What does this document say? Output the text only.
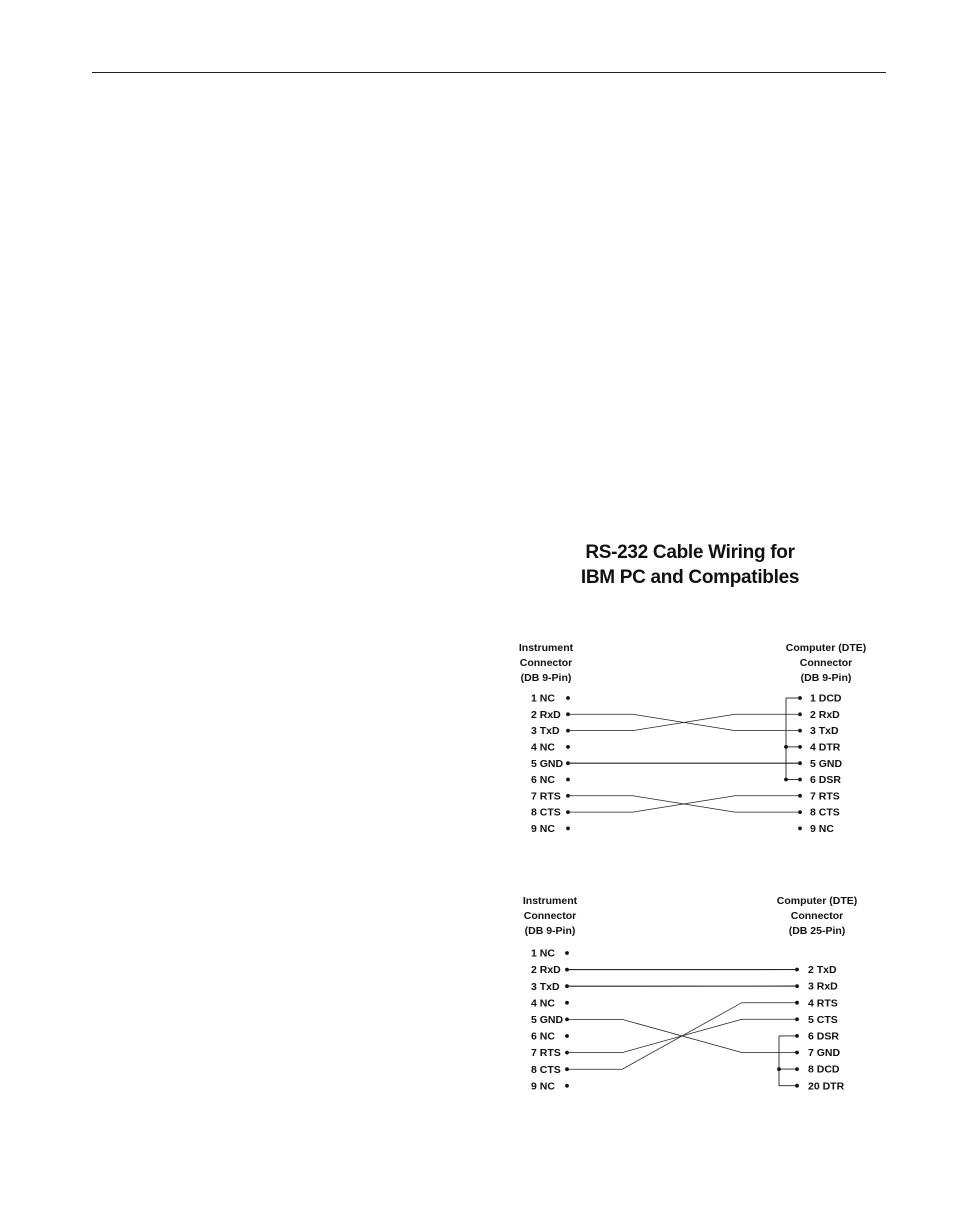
RS-232 Cable Wiring for
IBM PC and Compatibles
Instrument
Connector
(DB 9-Pin)
Computer (DTE)
Connector
(DB 9-Pin)
1 NC
2 RxD
3 TxD
4 NC
5 GND
6 NC
7 RTS
8 CTS
9 NC
1 DCD
2 RxD
3 TxD
4 DTR
5 GND
6 DSR
7 RTS
8 CTS
9 NC
Instrument
Connector
(DB 9-Pin)
Computer (DTE)
Connector
(DB 25-Pin)
1 NC
2 RxD
3 TxD
4 NC
5 GND
6 NC
7 RTS
8 CTS
9 NC
2 TxD
3 RxD
4 RTS
5 CTS
6 DSR
7 GND
8 DCD
20 DTR
